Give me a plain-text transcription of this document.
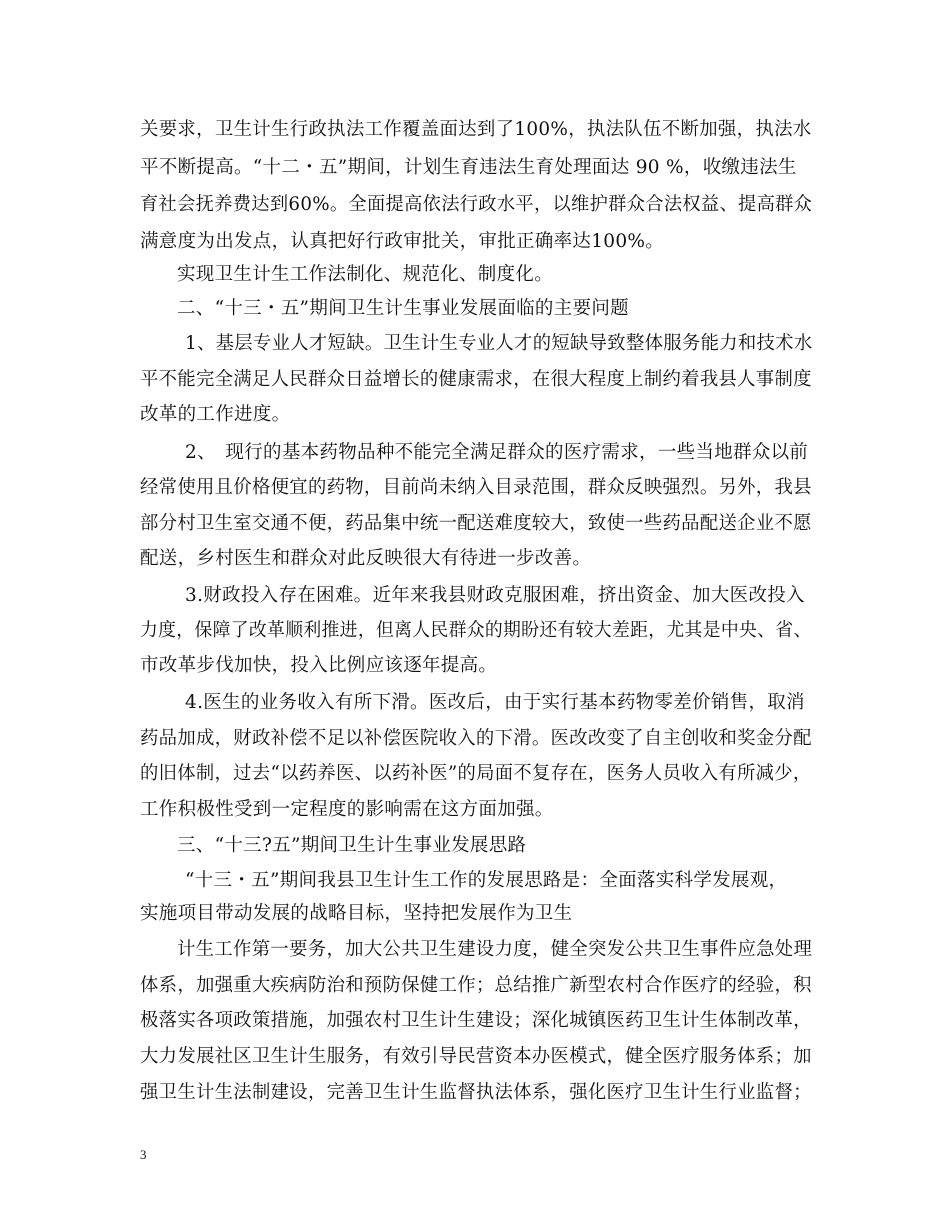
关要求，卫生计生行政执法工作覆盖面达到了100%，执法队伍不断加强，执法水
平不断提高。“十二・五”期间，计划生育违法生育处理面达 90 %，收缴违法生
育社会抚养费达到60%。全面提高依法行政水平，以维护群众合法权益、提高群众
满意度为出发点，认真把好行政审批关，审批正确率达100%。
实现卫生计生工作法制化、规范化、制度化。
二、“十三・五”期间卫生计生事业发展面临的主要问题
1、基层专业人才短缺。卫生计生专业人才的短缺导致整体服务能力和技术水
平不能完全满足人民群众日益增长的健康需求，在很大程度上制约着我县人事制度
改革的工作进度。
2、　现行的基本药物品种不能完全满足群众的医疗需求，一些当地群众以前
经常使用且价格便宜的药物，目前尚未纳入目录范围，群众反映强烈。另外，我县
部分村卫生室交通不便，药品集中统一配送难度较大，致使一些药品配送企业不愿
配送，乡村医生和群众对此反映很大有待进一步改善。
3.财政投入存在困难。近年来我县财政克服困难，挤出资金、加大医改投入
力度，保障了改革顺利推进，但离人民群众的期盼还有较大差距，尤其是中央、省、
市改革步伐加快，投入比例应该逐年提高。
4.医生的业务收入有所下滑。医改后，由于实行基本药物零差价销售，取消
药品加成，财政补偿不足以补偿医院收入的下滑。医改改变了自主创收和奖金分配
的旧体制，过去“以药养医、以药补医”的局面不复存在，医务人员收入有所减少，
工作积极性受到一定程度的影响需在这方面加强。
三、“十三?五”期间卫生计生事业发展思路
“十三・五”期间我县卫生计生工作的发展思路是：全面落实科学发展观，
实施项目带动发展的战略目标，坚持把发展作为卫生
计生工作第一要务，加大公共卫生建设力度，健全突发公共卫生事件应急处理
体系，加强重大疾病防治和预防保健工作；总结推广新型农村合作医疗的经验，积
极落实各项政策措施，加强农村卫生计生建设；深化城镇医药卫生计生体制改革，
大力发展社区卫生计生服务，有效引导民营资本办医模式，健全医疗服务体系；加
强卫生计生法制建设，完善卫生计生监督执法体系，强化医疗卫生计生行业监督；
3
